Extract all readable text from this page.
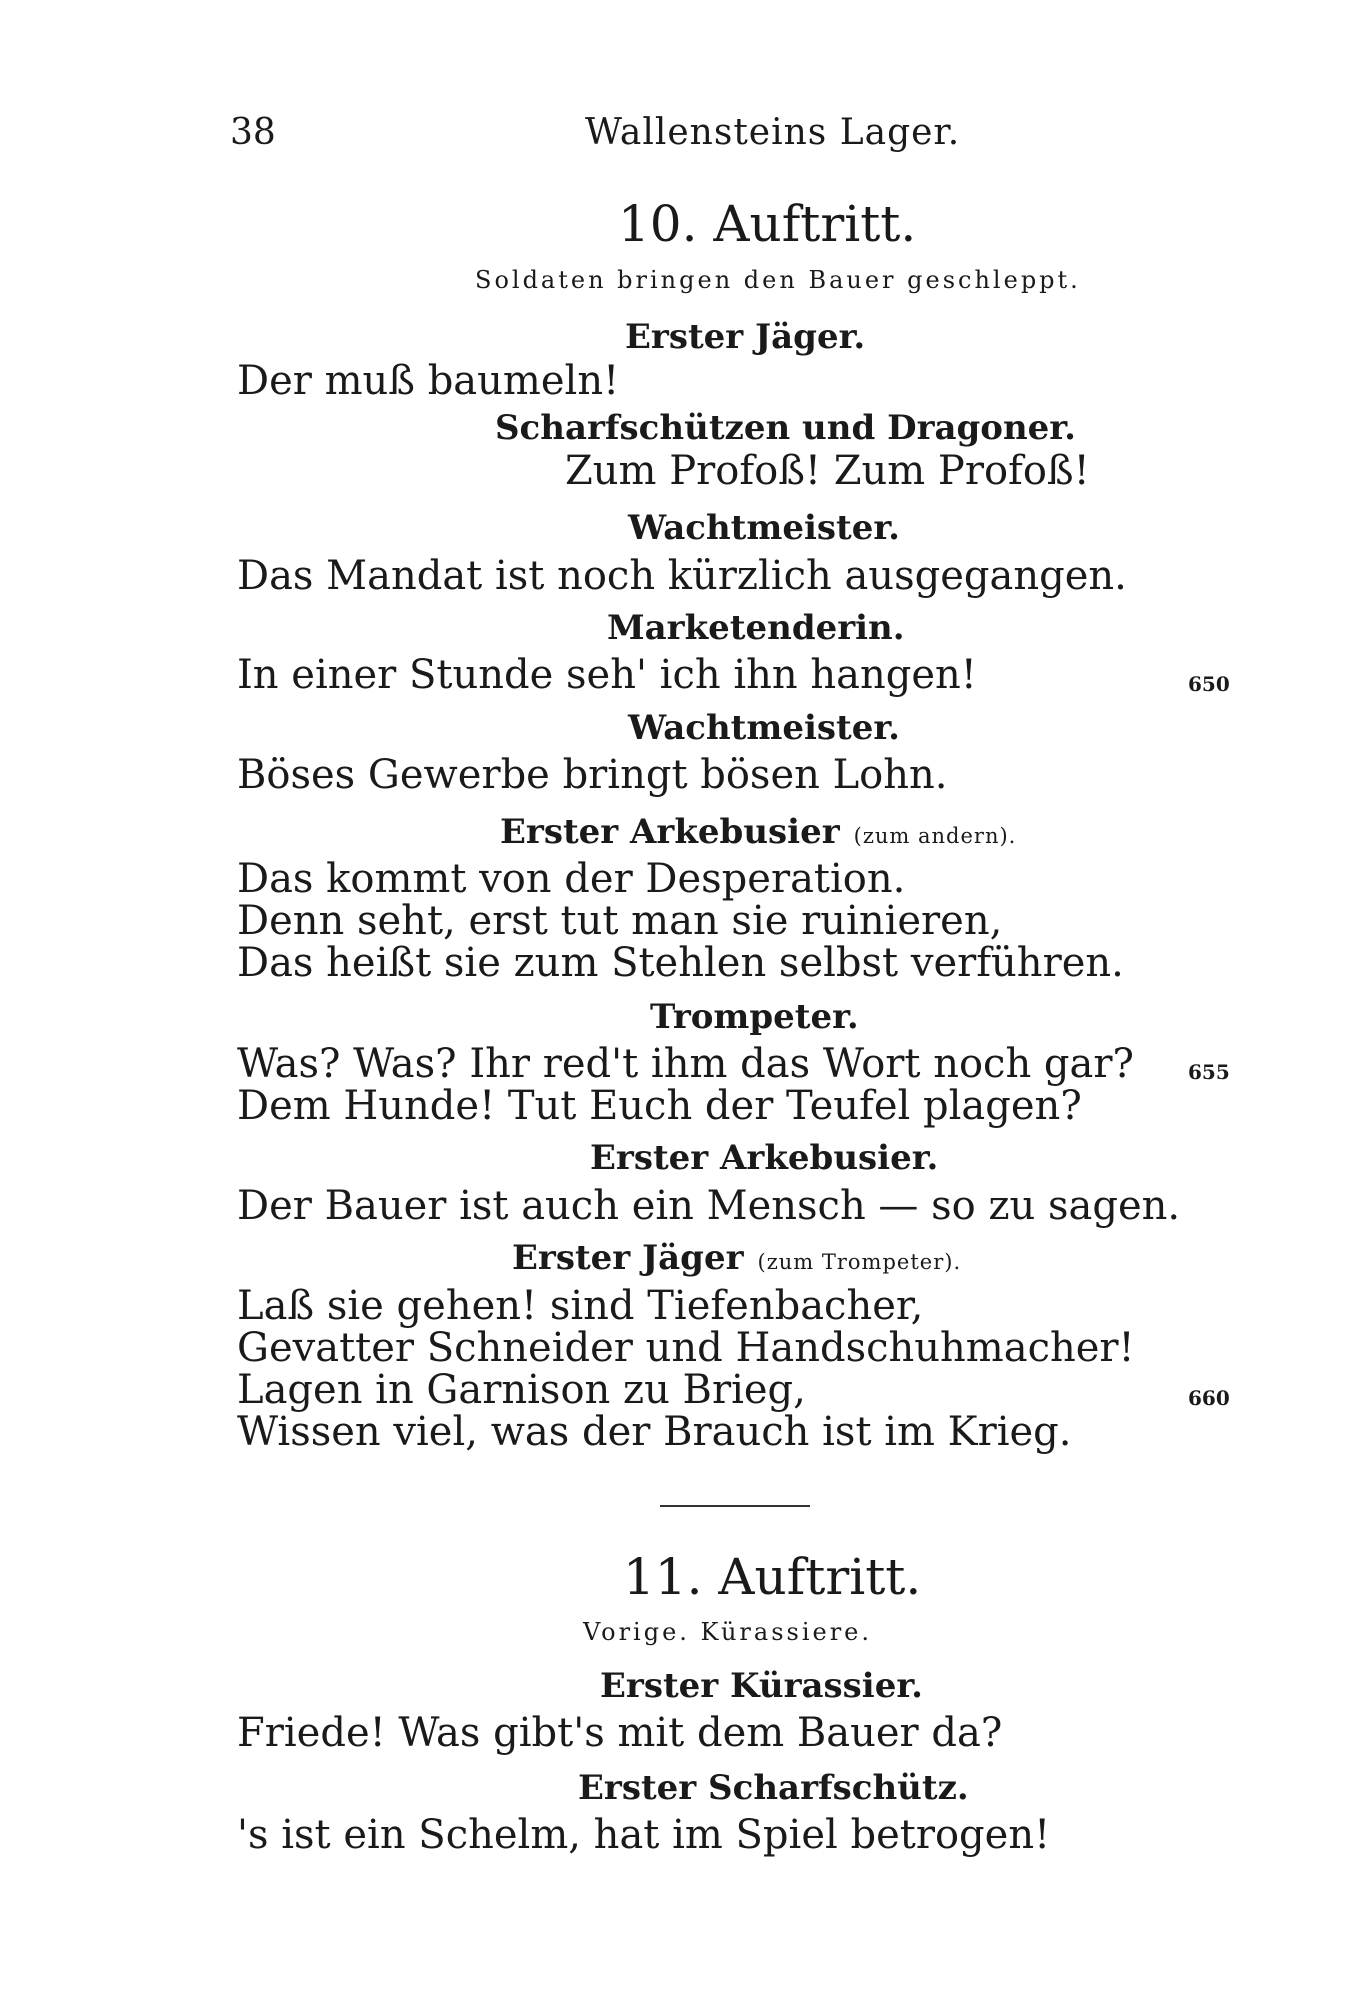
38	Wallensteins Lager.
10. Auftritt.
Soldaten bringen den Bauer geschleppt.
Erster Jäger.
Der muß baumeln!
Scharfschützen und Dragoner.
Zum Profoß! Zum Profoß!
Wachtmeister.
Das Mandat ist noch kürzlich ausgegangen.
Marketenderin.
In einer Stunde seh' ich ihn hangen!	650
Wachtmeister.
Böses Gewerbe bringt bösen Lohn.
Erster Arkebusier (zum andern).
Das kommt von der Desperation.
Denn seht, erst tut man sie ruinieren,
Das heißt sie zum Stehlen selbst verführen.
Trompeter.
Was? Was? Ihr red't ihm das Wort noch gar?	655
Dem Hunde! Tut Euch der Teufel plagen?
Erster Arkebusier.
Der Bauer ist auch ein Mensch — so zu sagen.
Erster Jäger (zum Trompeter).
Laß sie gehen! sind Tiefenbacher,
Gevatter Schneider und Handschuhmacher!
Lagen in Garnison zu Brieg,	660
Wissen viel, was der Brauch ist im Krieg.
11. Auftritt.
Vorige. Kürassiere.
Erster Kürassier.
Friede! Was gibt's mit dem Bauer da?
Erster Scharfschütz.
's ist ein Schelm, hat im Spiel betrogen!
